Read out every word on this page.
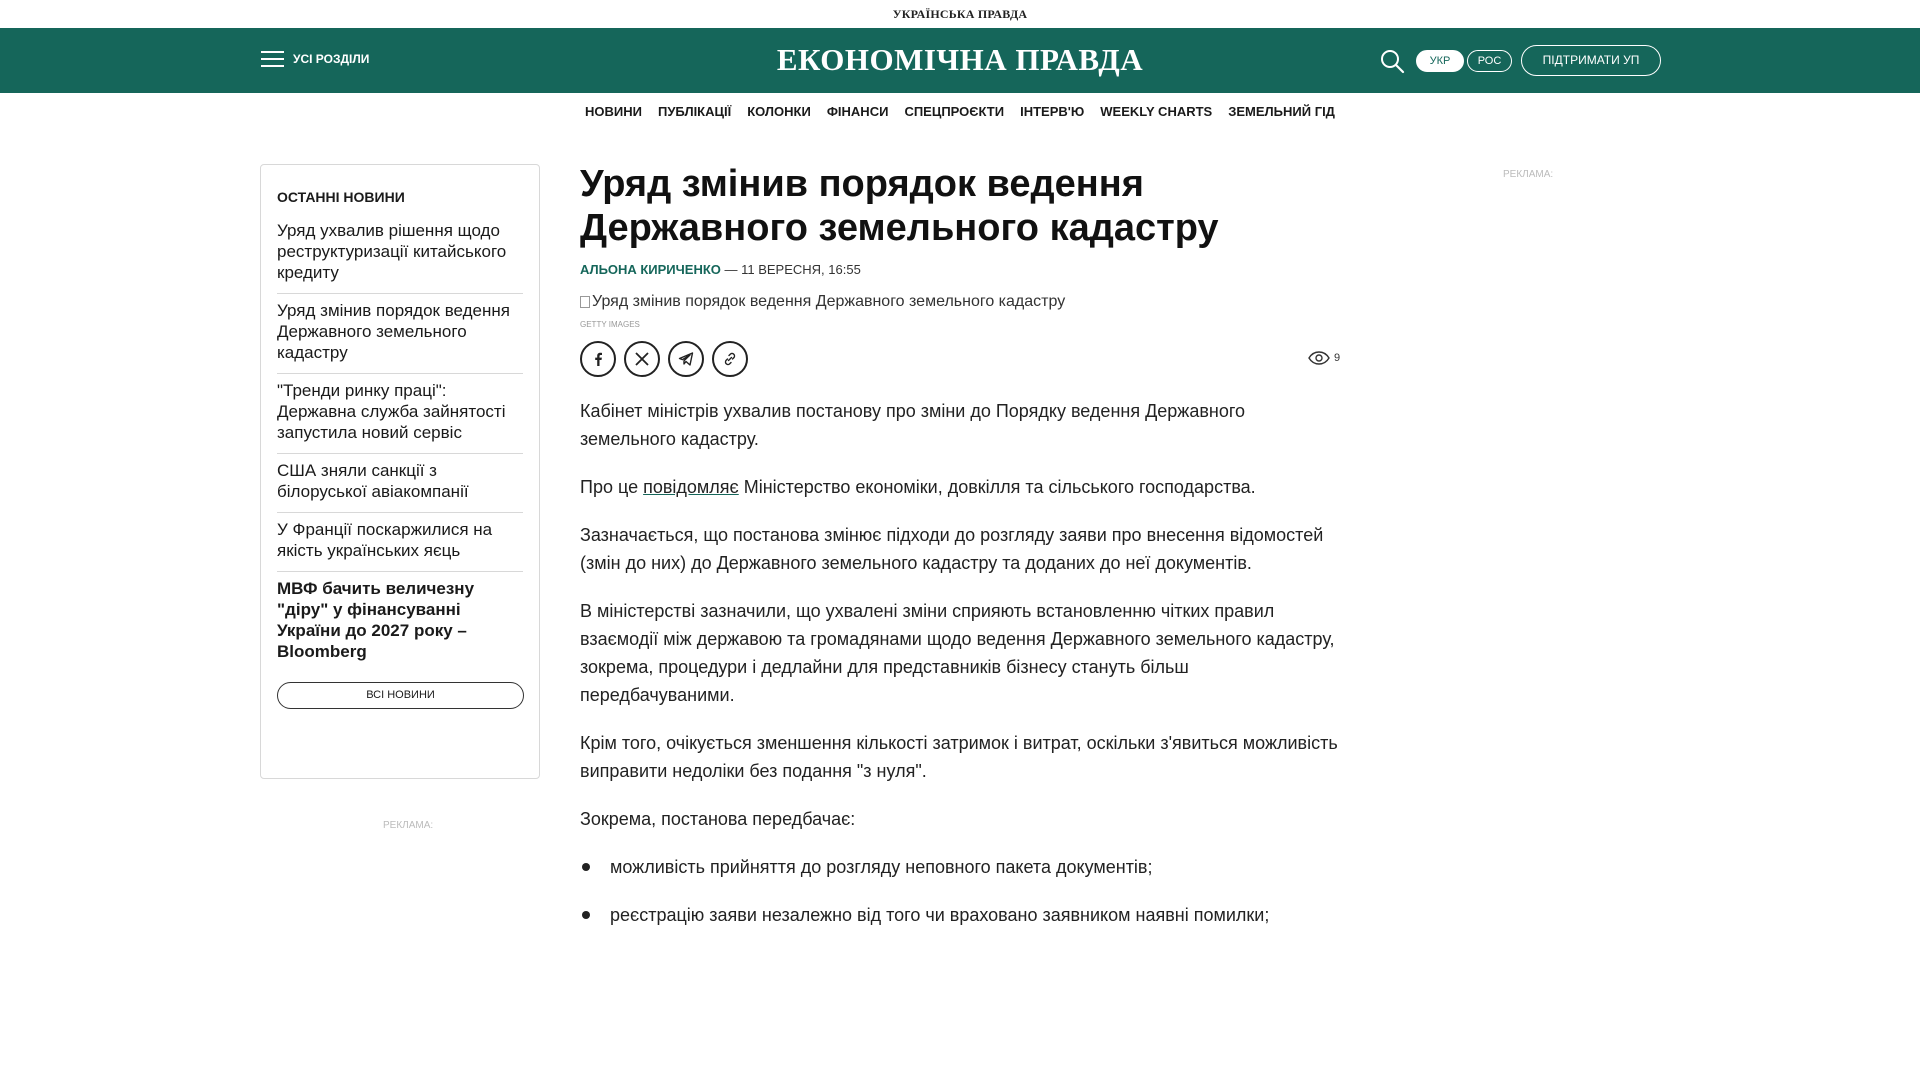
УКРАЇНСЬКА ПРАВДА
УСІ РОЗДІЛИ	ЕКОНОМІЧНА ПРАВДА	УКР	РОС	ПІДТРИМАТИ УП
НОВИНИ ПУБЛІКАЦІЇ КОЛОНКИ ФІНАНСИ СПЕЦПРОЄКТИ ІНТЕРВ'Ю WEEKLY CHARTS ЗЕМЕЛЬНИЙ ГІД
ОСТАННІ НОВИНИ
Уряд ухвалив рішення щодо реструктуризації китайського кредиту
Уряд змінив порядок ведення Державного земельного кадастру
"Тренди ринку праці": Державна служба зайнятості запустила новий сервіс
США зняли санкції з білоруської авіакомпанії
У Франції поскаржилися на якість українських яєць
МВФ бачить величезну "діру" у фінансуванні України до 2027 року – Bloomberg
ВСІ НОВИНИ
РЕКЛАМА:
РЕКЛАМА:
Уряд змінив порядок ведення Державного земельного кадастру
АЛЬОНА КИРИЧЕНКО — 11 ВЕРЕСНЯ, 16:55
Уряд змінив порядок ведення Державного земельного кадастру
GETTY IMAGES
9

Кабінет міністрів ухвалив постанову про зміни до Порядку ведення Державного земельного кадастру.

Про це повідомляє Міністерство економіки, довкілля та сільського господарства.

Зазначається, що постанова змінює підходи до розгляду заяви про внесення відомостей (змін до них) до Державного земельного кадастру та доданих до неї документів.

В міністерстві зазначили, що ухвалені зміни сприяють встановленню чітких правил взаємодії між державою та громадянами щодо ведення Державного земельного кадастру, зокрема, процедури і дедлайни для представників бізнесу стануть більш передбачуваними.

Крім того, очікується зменшення кількості затримок і витрат, оскільки з'явиться можливість виправити недоліки без подання "з нуля".

Зокрема, постанова передбачає:

можливість прийняття до розгляду неповного пакета документів;
реєстрацію заяви незалежно від того чи враховано заявником наявні помилки;
